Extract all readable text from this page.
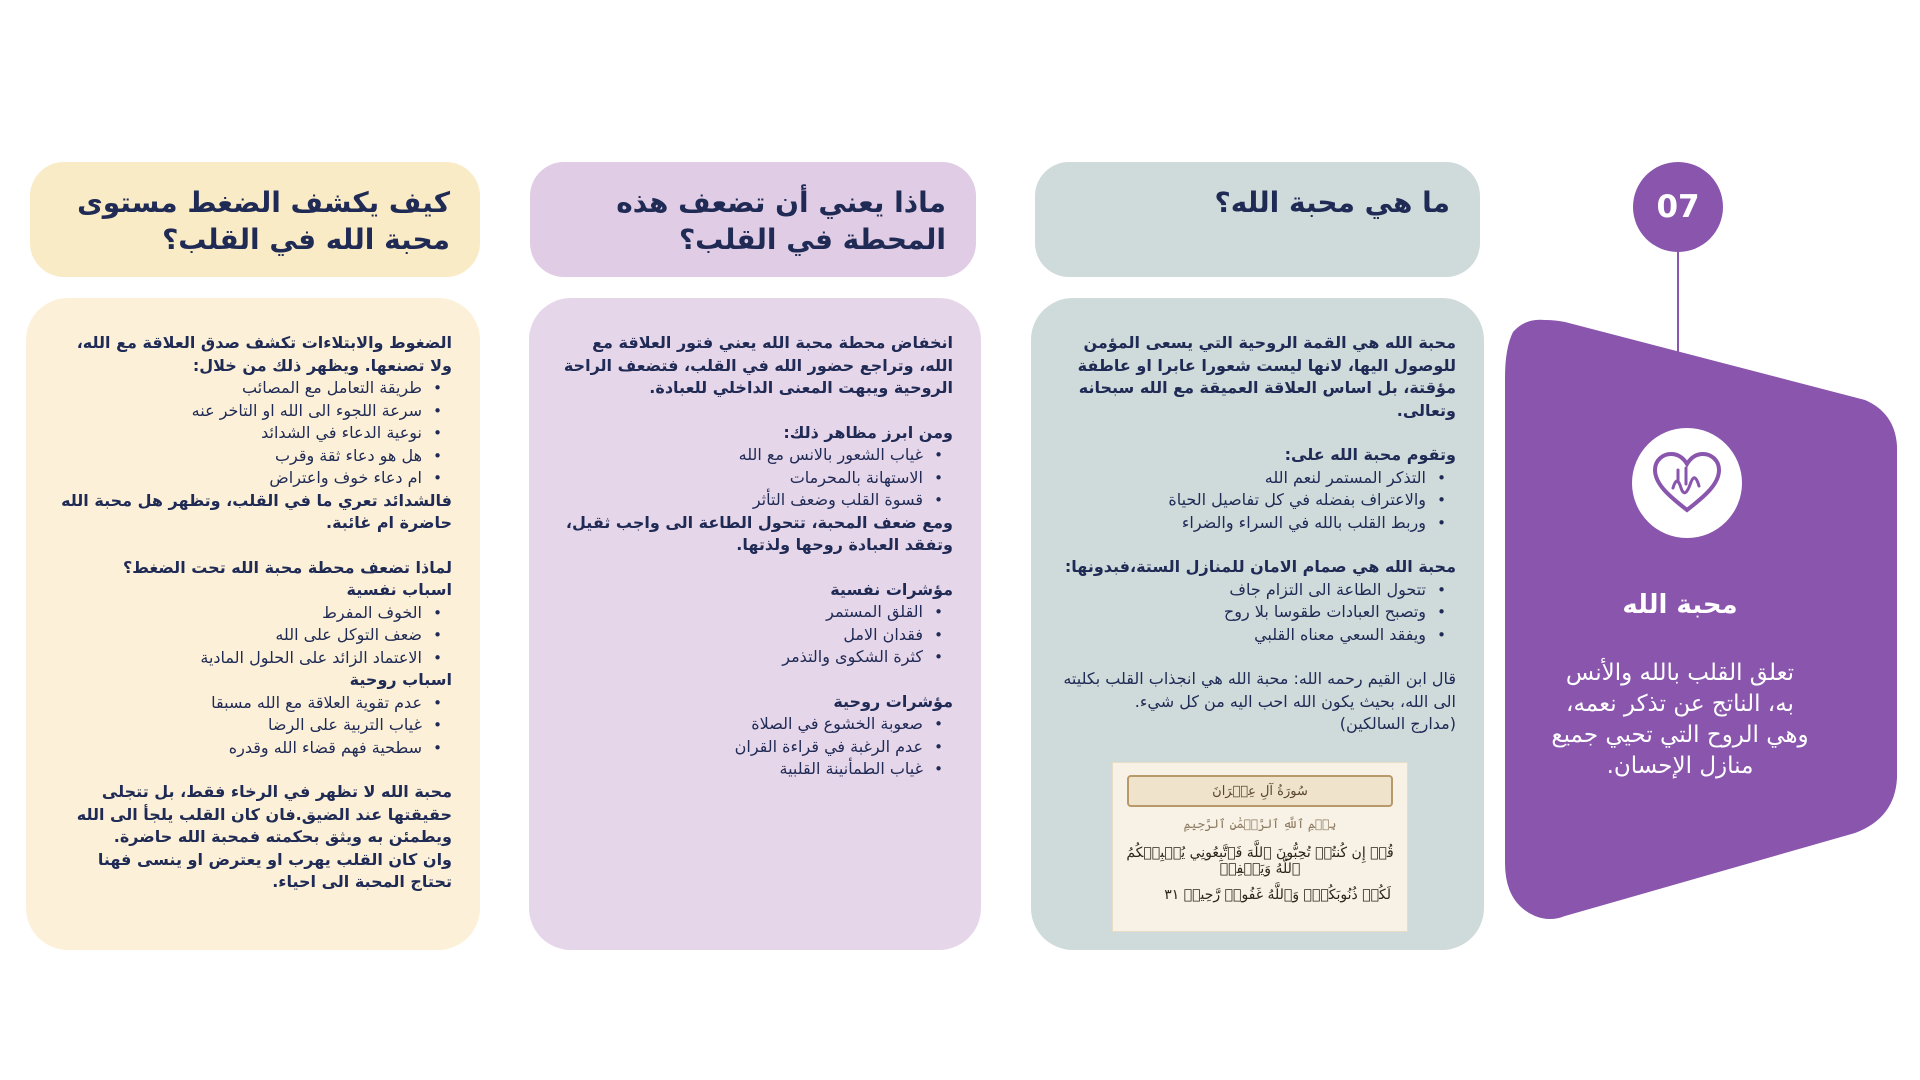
07
محبة الله
تعلق القلب بالله والأنس به، الناتج عن تذكر نعمه، وهي الروح التي تحيي جميع منازل الإحسان.
ما هي محبة الله؟

محبة الله هي القمة الروحية التي يسعى المؤمن للوصول اليها، لانها ليست شعورا عابرا او عاطفة مؤقتة، بل اساس العلاقة العميقة مع الله سبحانه وتعالى.

وتقوم محبة الله على:

• التذكر المستمر لنعم الله
• والاعتراف بفضله في كل تفاصيل الحياة
• وربط القلب بالله في السراء والضراء

محبة الله هي صمام الامان للمنازل الستة،فبدونها:

• تتحول الطاعة الى التزام جاف
• وتصبح العبادات طقوسا بلا روح
• ويفقد السعي معناه القلبي

قال ابن القيم رحمه الله: محبة الله هي انجذاب القلب بكليته الى الله، بحيث يكون الله احب اليه من كل شيء.

(مدارج السالكين)

سُورَةُ آلِ عِمۡرَانَ
بِسۡمِ ٱللَّهِ ٱلرَّحۡمَٰنِ ٱلرَّحِيمِ
قُلۡ إِن كُنتُمۡ تُحِبُّونَ ٱللَّهَ فَٱتَّبِعُونِي يُحۡبِبۡكُمُ ٱللَّهُ وَيَغۡفِرۡ
لَكُمۡ ذُنُوبَكُمۡۚ وَٱللَّهُ غَفُورٞ رَّحِيمٞ ٣١
ماذا يعني أن تضعف هذه المحطة في القلب؟

انخفاض محطة محبة الله يعني فتور العلاقة مع الله، وتراجع حضور الله في القلب، فتضعف الراحة الروحية ويبهت المعنى الداخلي للعبادة.

ومن ابرز مظاهر ذلك:

• غياب الشعور بالانس مع الله
• الاستهانة بالمحرمات
• قسوة القلب وضعف التأثر

ومع ضعف المحبة، تتحول الطاعة الى واجب ثقيل، وتفقد العبادة روحها ولذتها.

مؤشرات نفسية

• القلق المستمر
• فقدان الامل
• كثرة الشكوى والتذمر

مؤشرات روحية

• صعوبة الخشوع في الصلاة
• عدم الرغبة في قراءة القران
• غياب الطمأنينة القلبية
كيف يكشف الضغط مستوى محبة الله في القلب؟

الضغوط والابتلاءات تكشف صدق العلاقة مع الله، ولا تصنعها. ويظهر ذلك من خلال:

• طريقة التعامل مع المصائب
• سرعة اللجوء الى الله او التاخر عنه
• نوعية الدعاء في الشدائد
• هل هو دعاء ثقة وقرب
• ام دعاء خوف واعتراض

فالشدائد تعري ما في القلب، وتظهر هل محبة الله حاضرة ام غائبة.

لماذا تضعف محطة محبة الله تحت الضغط؟

اسباب نفسية

• الخوف المفرط
• ضعف التوكل على الله
• الاعتماد الزائد على الحلول المادية

اسباب روحية

• عدم تقوية العلاقة مع الله مسبقا
• غياب التربية على الرضا
• سطحية فهم قضاء الله وقدره

محبة الله لا تظهر في الرخاء فقط، بل تتجلى حقيقتها عند الضيق.فان كان القلب يلجأ الى الله ويطمئن به ويثق بحكمته فمحبة الله حاضرة.

وان كان القلب يهرب او يعترض او ينسى فهنا تحتاج المحبة الى احياء.
